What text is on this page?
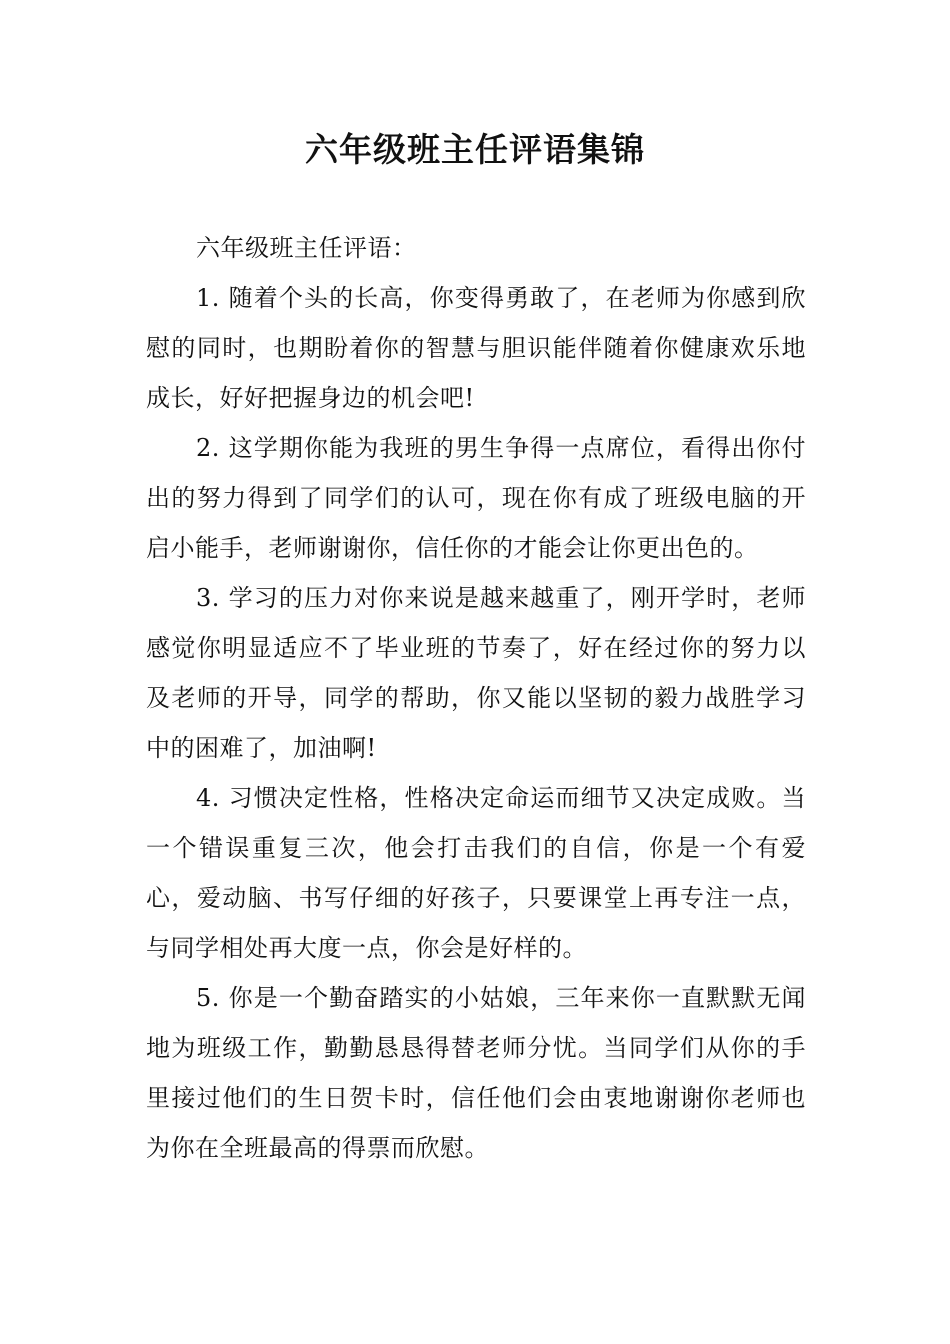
六年级班主任评语集锦

六年级班主任评语：

1. 随着个头的长高，你变得勇敢了，在老师为你感到欣慰的同时，也期盼着你的智慧与胆识能伴随着你健康欢乐地成长，好好把握身边的机会吧!

2. 这学期你能为我班的男生争得一点席位，看得出你付出的努力得到了同学们的认可，现在你有成了班级电脑的开启小能手，老师谢谢你，信任你的才能会让你更出色的。

3. 学习的压力对你来说是越来越重了，刚开学时，老师感觉你明显适应不了毕业班的节奏了，好在经过你的努力以及老师的开导，同学的帮助，你又能以坚韧的毅力战胜学习中的困难了，加油啊!

4. 习惯决定性格，性格决定命运而细节又决定成败。当一个错误重复三次，他会打击我们的自信，你是一个有爱心，爱动脑、书写仔细的好孩子，只要课堂上再专注一点，与同学相处再大度一点，你会是好样的。

5. 你是一个勤奋踏实的小姑娘，三年来你一直默默无闻地为班级工作，勤勤恳恳得替老师分忧。当同学们从你的手里接过他们的生日贺卡时，信任他们会由衷地谢谢你老师也为你在全班最高的得票而欣慰。
